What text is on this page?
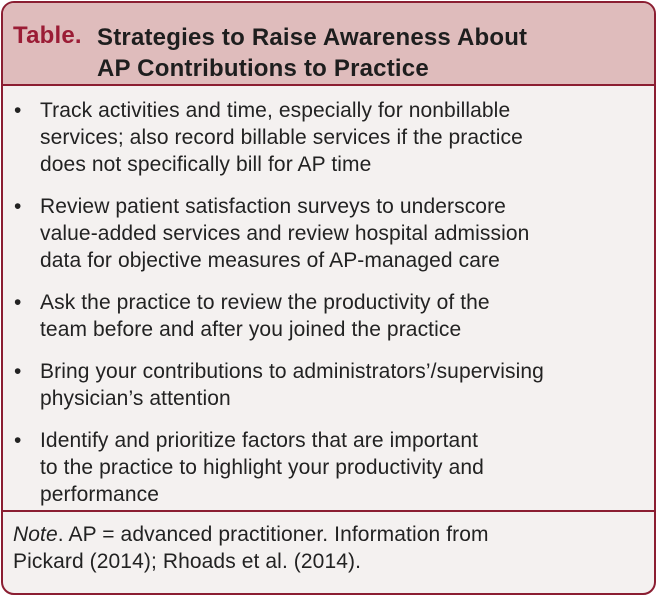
Table. Strategies to Raise Awareness About
AP Contributions to Practice
• Track activities and time, especially for nonbillable
services; also record billable services if the practice
does not specifically bill for AP time
• Review patient satisfaction surveys to underscore
value-added services and review hospital admission
data for objective measures of AP-managed care
• Ask the practice to review the productivity of the
team before and after you joined the practice
• Bring your contributions to administrators’/supervising
physician’s attention
• Identify and prioritize factors that are important
to the practice to highlight your productivity and
performance
Note. AP = advanced practitioner. Information from
Pickard (2014); Rhoads et al. (2014).
